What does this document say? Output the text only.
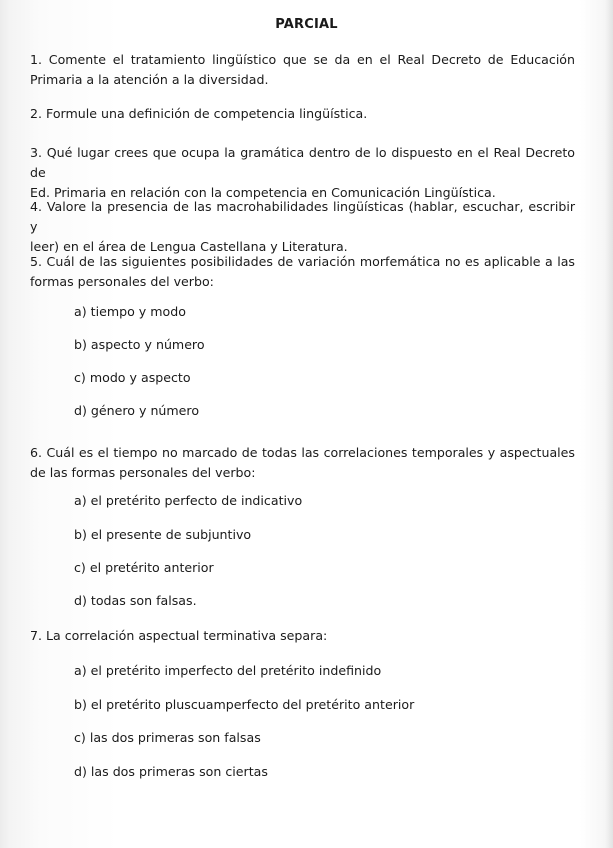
PARCIAL
1. Comente el tratamiento lingüístico que se da en el Real Decreto de Educación
Primaria a la atención a la diversidad.
2. Formule una definición de competencia lingüística.
3. Qué lugar crees que ocupa la gramática dentro de lo dispuesto en el Real Decreto de
Ed. Primaria en relación con la competencia en Comunicación Lingüística.
4. Valore la presencia de las macrohabilidades lingüísticas (hablar, escuchar, escribir y
leer) en el área de Lengua Castellana y Literatura.
5. Cuál de las siguientes posibilidades de variación morfemática no es aplicable a las
formas personales del verbo:
a) tiempo y modo
b) aspecto y número
c) modo y aspecto
d) género y número
6. Cuál es el tiempo no marcado de todas las correlaciones temporales y aspectuales
de las formas personales del verbo:
a) el pretérito perfecto de indicativo
b) el presente de subjuntivo
c) el pretérito anterior
d) todas son falsas.
7. La correlación aspectual terminativa separa:
a) el pretérito imperfecto del pretérito indefinido
b) el pretérito pluscuamperfecto del pretérito anterior
c) las dos primeras son falsas
d) las dos primeras son ciertas
